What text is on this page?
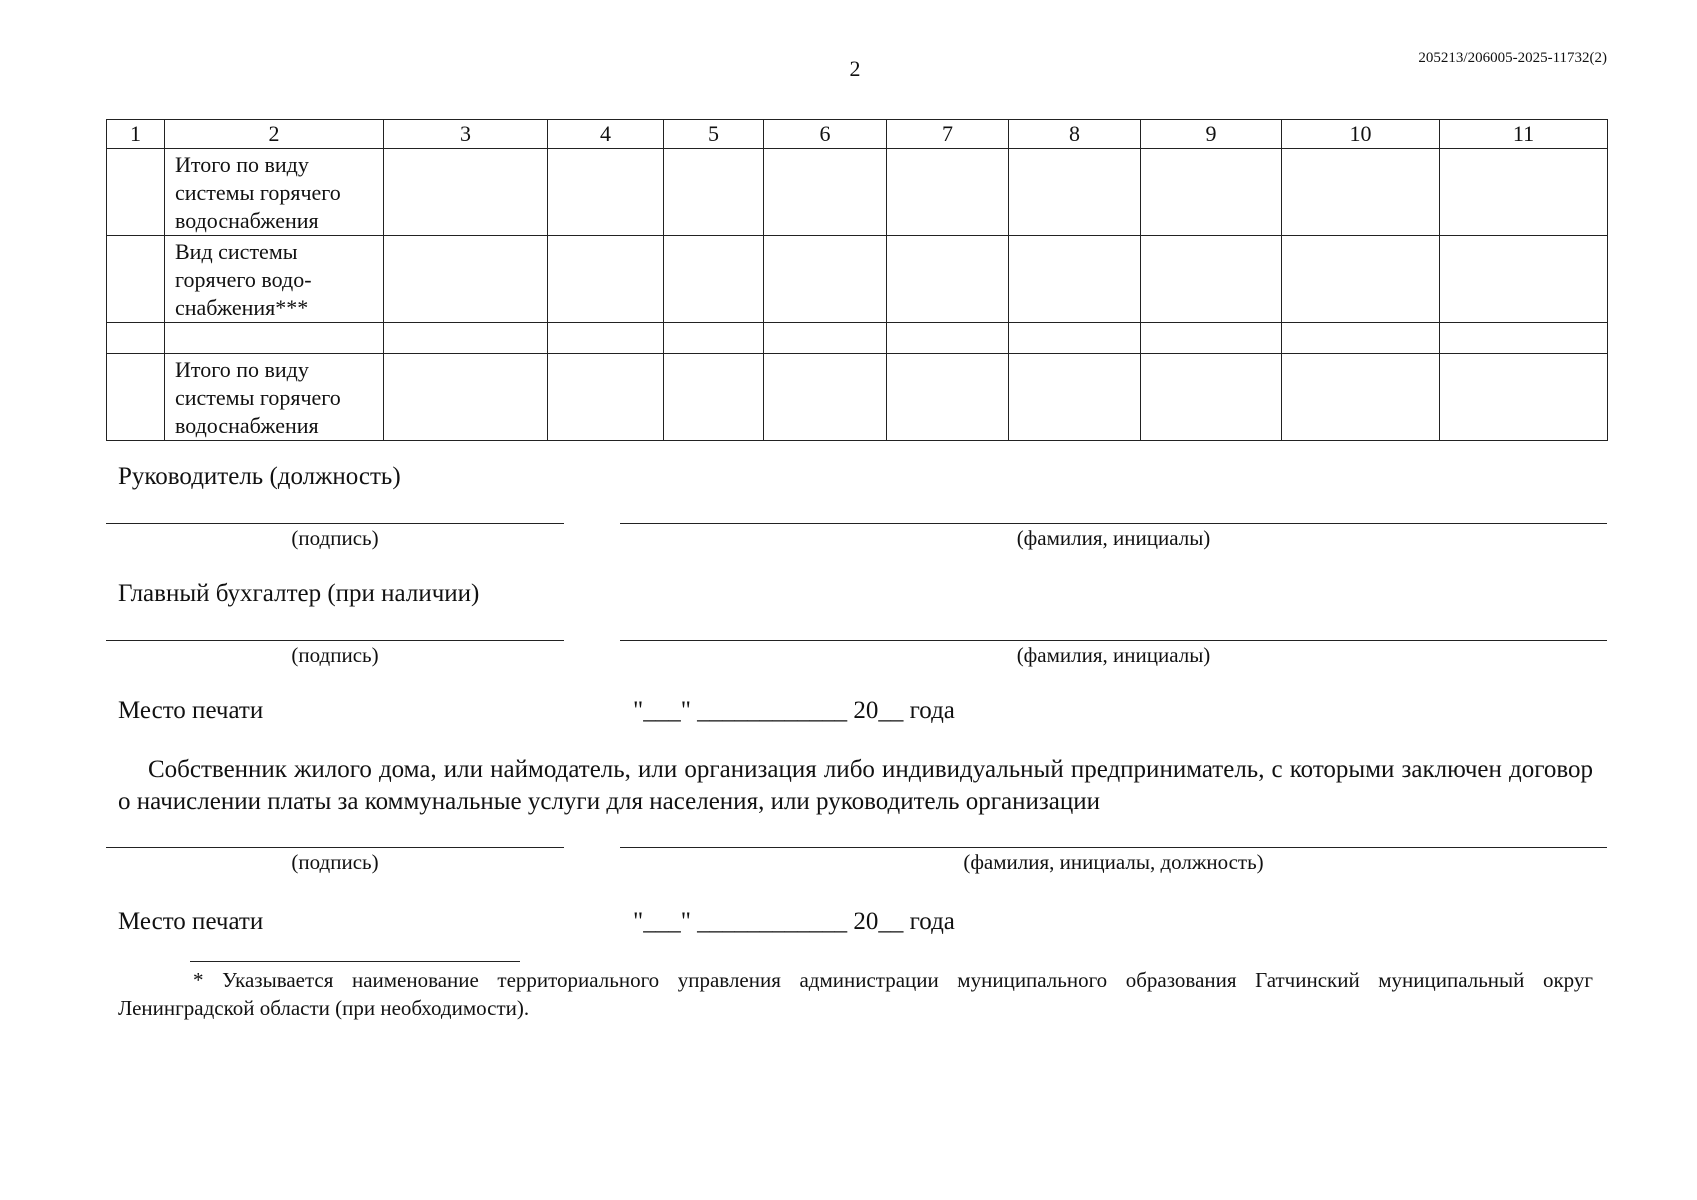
2	205213/206005-2025-11732(2)
1	2	3	4	5	6	7	8	9	10	11
	Итого по виду системы горячего водоснабжения									
	Вид системы горячего водо-снабжения***									

	Итого по виду системы горячего водоснабжения									
Руководитель (должность)
(подпись)	(фамилия, инициалы)
Главный бухгалтер (при наличии)
(подпись)	(фамилия, инициалы)
Место печати	"___" ____________ 20__ года
Собственник жилого дома, или наймодатель, или организация либо индивидуальный предприниматель, с которыми заключен договор о начислении платы за коммунальные услуги для населения, или руководитель организации
(подпись)	(фамилия, инициалы, должность)
Место печати	"___" ____________ 20__ года
* Указывается наименование территориального управления администрации муниципального образования Гатчинский муниципальный округ Ленинградской области (при необходимости).
